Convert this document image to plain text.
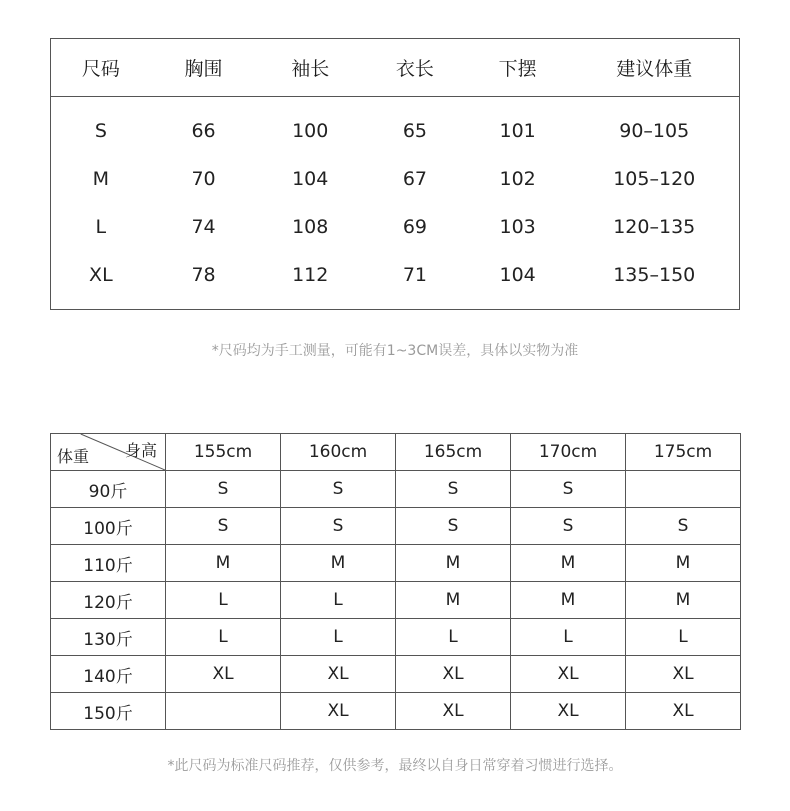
尺码	胸围	袖长	衣长	下摆	建议体重
S	66	100	65	101	90–105
M	70	104	67	102	105–120
L	74	108	69	103	120–135
XL	78	112	71	104	135–150
*尺码均为手工测量，可能有1~3CM误差，具体以实物为准
身高
体重	155cm	160cm	165cm	170cm	175cm
90斤	S	S	S	S	
100斤	S	S	S	S	S
110斤	M	M	M	M	M
120斤	L	L	M	M	M
130斤	L	L	L	L	L
140斤	XL	XL	XL	XL	XL
150斤		XL	XL	XL	XL
*此尺码为标准尺码推荐，仅供参考，最终以自身日常穿着习惯进行选择。
